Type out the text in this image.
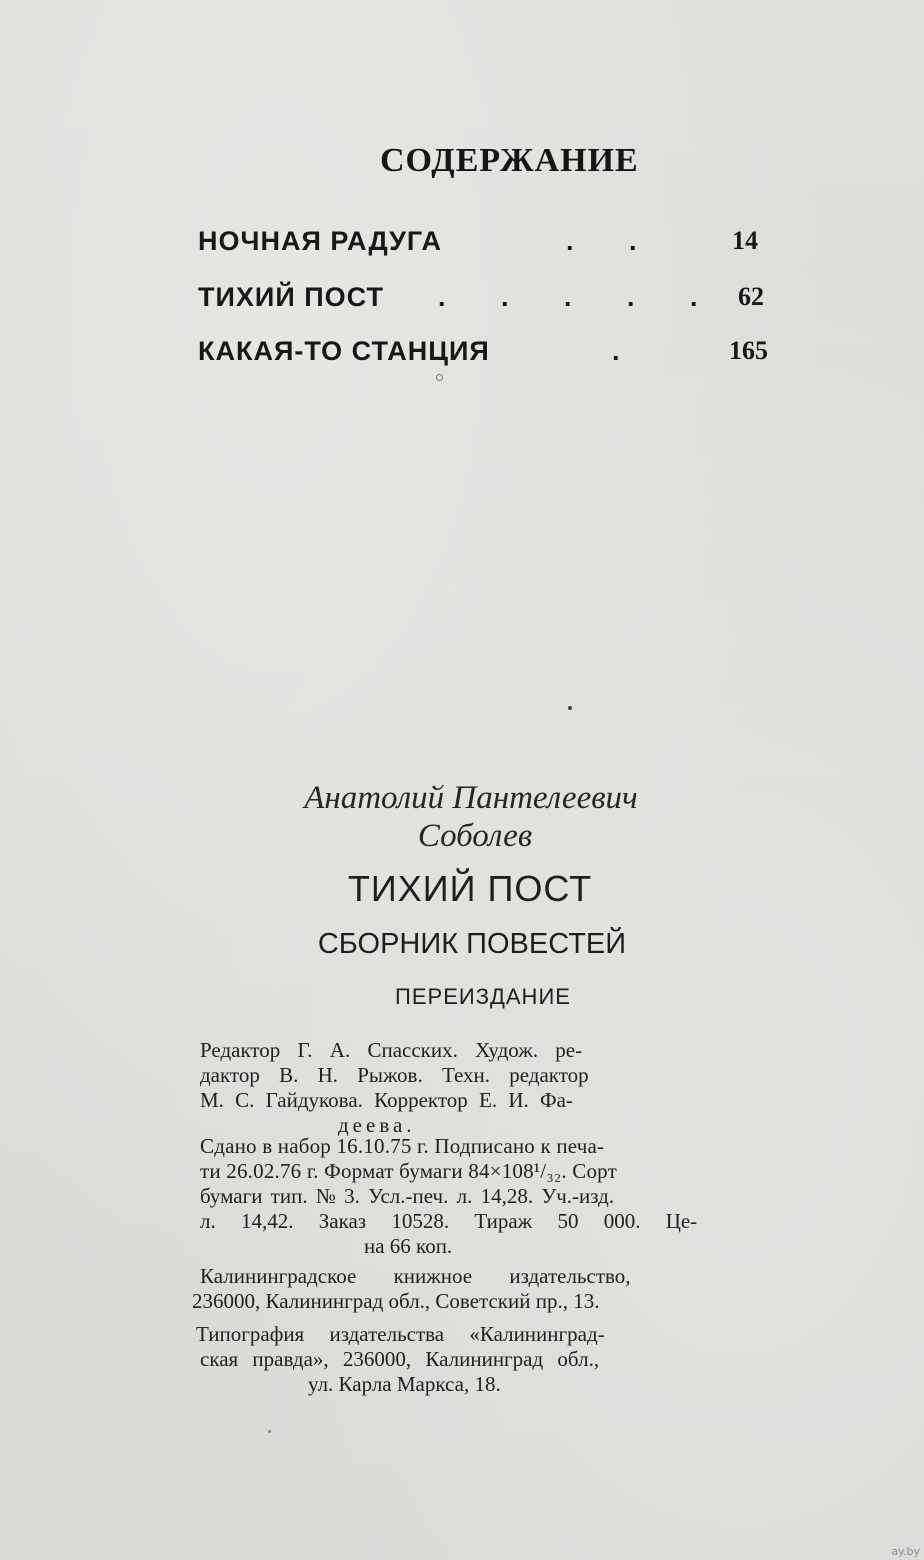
СОДЕРЖАНИЕ
НОЧНАЯ РАДУГА	. .	14
ТИХИЙ ПОСТ . . . . . 62
КАКАЯ-ТО СТАНЦИЯ	.	165
Анатолий Пантелеевич
Соболев
ТИХИЙ ПОСТ
СБОРНИК ПОВЕСТЕЙ
ПЕРЕИЗДАНИЕ
Редактор Г. А. Спасских. Худож. ре-
дактор В. Н. Рыжов. Техн. редактор
М. С. Гайдукова. Корректор Е. И. Фа-
деева.
Сдано в набор 16.10.75 г. Подписано к печа-
ти 26.02.76 г. Формат бумаги 84×108¹/₃₂. Сорт
бумаги тип. № 3. Усл.-печ. л. 14,28. Уч.-изд.
л. 14,42. Заказ 10528. Тираж 50 000. Це-
на 66 коп.
Калининградское книжное издательство,
236000, Калининград обл., Советский пр., 13.
Типография издательства «Калининград-
ская правда», 236000, Калининград обл.,
ул. Карла Маркса, 18.
ay.by
